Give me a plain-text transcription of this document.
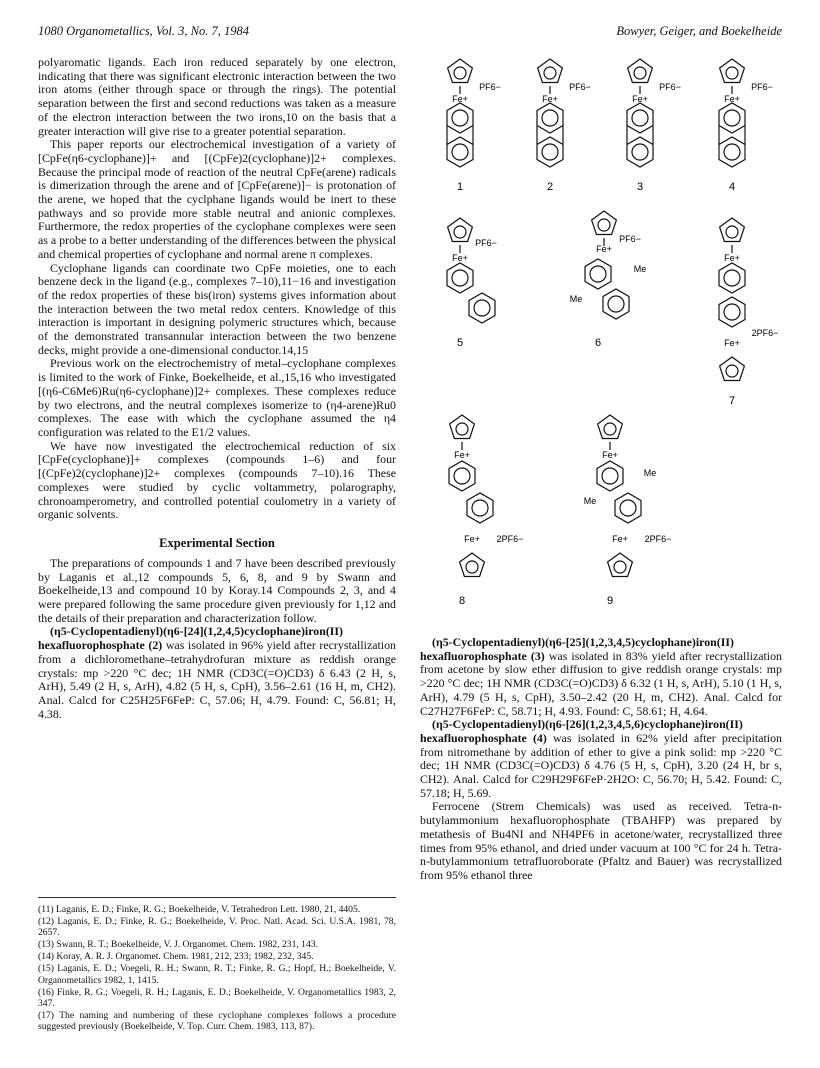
1080 Organometallics, Vol. 3, No. 7, 1984	Bowyer, Geiger, and Boekelheide

polyaromatic ligands. Each iron reduced separately by one electron, indicating that there was significant electronic interaction between the two iron atoms (either through space or through the rings). The potential separation between the first and second reductions was taken as a measure of the electron interaction between the two irons,10 on the basis that a greater interaction will give rise to a greater potential separation.

This paper reports our electrochemical investigation of a variety of [CpFe(η6-cyclophane)]+ and [(CpFe)2(cyclophane)]2+ complexes. Because the principal mode of reaction of the neutral CpFe(arene) radicals is dimerization through the arene and of [CpFe(arene)]− is protonation of the arene, we hoped that the cyclphane ligands would be inert to these pathways and so provide more stable neutral and anionic complexes. Furthermore, the redox properties of the cyclophane complexes were seen as a probe to a better understanding of the differences between the physical and chemical properties of cyclophane and normal arene π complexes.

Cyclophane ligands can coordinate two CpFe moieties, one to each benzene deck in the ligand (e.g., complexes 7–10),11−16 and investigation of the redox properties of these bis(iron) systems gives information about the interaction between the two metal redox centers. Knowledge of this interaction is important in designing polymeric structures which, because of the demonstrated transannular interaction between the two benzene decks, might provide a one-dimensional conductor.14,15

Previous work on the electrochemistry of metal–cyclophane complexes is limited to the work of Finke, Boekelheide, et al.,15,16 who investigated [(η6-C6Me6)Ru(η6-cyclophane)]2+ complexes. These complexes reduce by two electrons, and the neutral complexes isomerize to (η4-arene)Ru0 complexes. The ease with which the cyclophane assumed the η4 configuration was related to the E1/2 values.

We have now investigated the electrochemical reduction of six [CpFe(cyclophane)]+ complexes (compounds 1–6) and four [(CpFe)2(cyclophane)]2+ complexes (compounds 7–10).16 These complexes were studied by cyclic voltammetry, polarography, chronoamperometry, and controlled potential coulometry in a variety of organic solvents.

Experimental Section

The preparations of compounds 1 and 7 have been described previously by Laganis et al.,12 compounds 5, 6, 8, and 9 by Swann and Boekelheide,13 and compound 10 by Koray.14 Compounds 2, 3, and 4 were prepared following the same procedure given previously for 1,12 and the details of their preparation and characterization follow.

(η5-Cyclopentadienyl)(η6-[24](1,2,4,5)cyclophane)iron(II) hexafluorophosphate (2) was isolated in 96% yield after recrystallization from a dichloromethane–tetrahydrofuran mixture as reddish orange crystals: mp >220 °C dec; 1H NMR (CD3C(=O)CD3) δ 6.43 (2 H, s, ArH), 5.49 (2 H, s, ArH), 4.82 (5 H, s, CpH), 3.56–2.61 (16 H, m, CH2). Anal. Calcd for C25H25F6FeP: C, 57.06; H, 4.79. Found: C, 56.81; H, 4.38.

(11) Laganis, E. D.; Finke, R. G.; Boekelheide, V. Tetrahedron Lett. 1980, 21, 4405.

(12) Laganis, E. D.; Finke, R. G.; Boekelheide, V. Proc. Natl. Acad. Sci. U.S.A. 1981, 78, 2657.

(13) Swann, R. T.; Boekelheide, V. J. Organomet. Chem. 1982, 231, 143.

(14) Koray, A. R. J. Organomet. Chem. 1981, 212, 233; 1982, 232, 345.

(15) Laganis, E. D.; Voegeli, R. H.; Swann, R. T.; Finke, R. G.; Hopf, H.; Boekelheide, V. Organometallics 1982, 1, 1415.

(16) Finke, R. G.; Voegeli, R. H.; Laganis, E. D.; Boekelheide, V. Organometallics 1983, 2, 347.

(17) The naming and numbering of these cyclophane complexes follows a procedure suggested previously (Boekelheide, V. Top. Curr. Chem. 1983, 113, 87).

Fe+
PF6−
1
Fe+
PF6−
2
Fe+
PF6−
3
Fe+
PF6−
4
Fe+
PF6−
5
Fe+
PF6−
Me
Me
6
Fe+
Fe+
2PF6−
7
Fe+
Fe+ 2PF6−
8
Fe+
Fe+ 2PF6−
9
Me
Me

(η5-Cyclopentadienyl)(η6-[25](1,2,3,4,5)cyclophane)iron(II) hexafluorophosphate (3) was isolated in 83% yield after recrystallization from acetone by slow ether diffusion to give reddish orange crystals: mp >220 °C dec; 1H NMR (CD3C(=O)CD3) δ 6.32 (1 H, s, ArH), 5.10 (1 H, s, ArH), 4.79 (5 H, s, CpH), 3.50–2.42 (20 H, m, CH2). Anal. Calcd for C27H27F6FeP: C, 58.71; H, 4.93. Found: C, 58.61; H, 4.64.

(η5-Cyclopentadienyl)(η6-[26](1,2,3,4,5,6)cyclophane)iron(II) hexafluorophosphate (4) was isolated in 62% yield after precipitation from nitromethane by addition of ether to give a pink solid: mp >220 °C dec; 1H NMR (CD3C(=O)CD3) δ 4.76 (5 H, s, CpH), 3.20 (24 H, br s, CH2). Anal. Calcd for C29H29F6FeP·2H2O: C, 56.70; H, 5.42. Found: C, 57.18; H, 5.69.

Ferrocene (Strem Chemicals) was used as received. Tetra-n-butylammonium hexafluorophosphate (TBAHFP) was prepared by metathesis of Bu4NI and NH4PF6 in acetone/water, recrystallized three times from 95% ethanol, and dried under vacuum at 100 °C for 24 h. Tetra-n-butylammonium tetrafluoroborate (Pfaltz and Bauer) was recrystallized from 95% ethanol three
